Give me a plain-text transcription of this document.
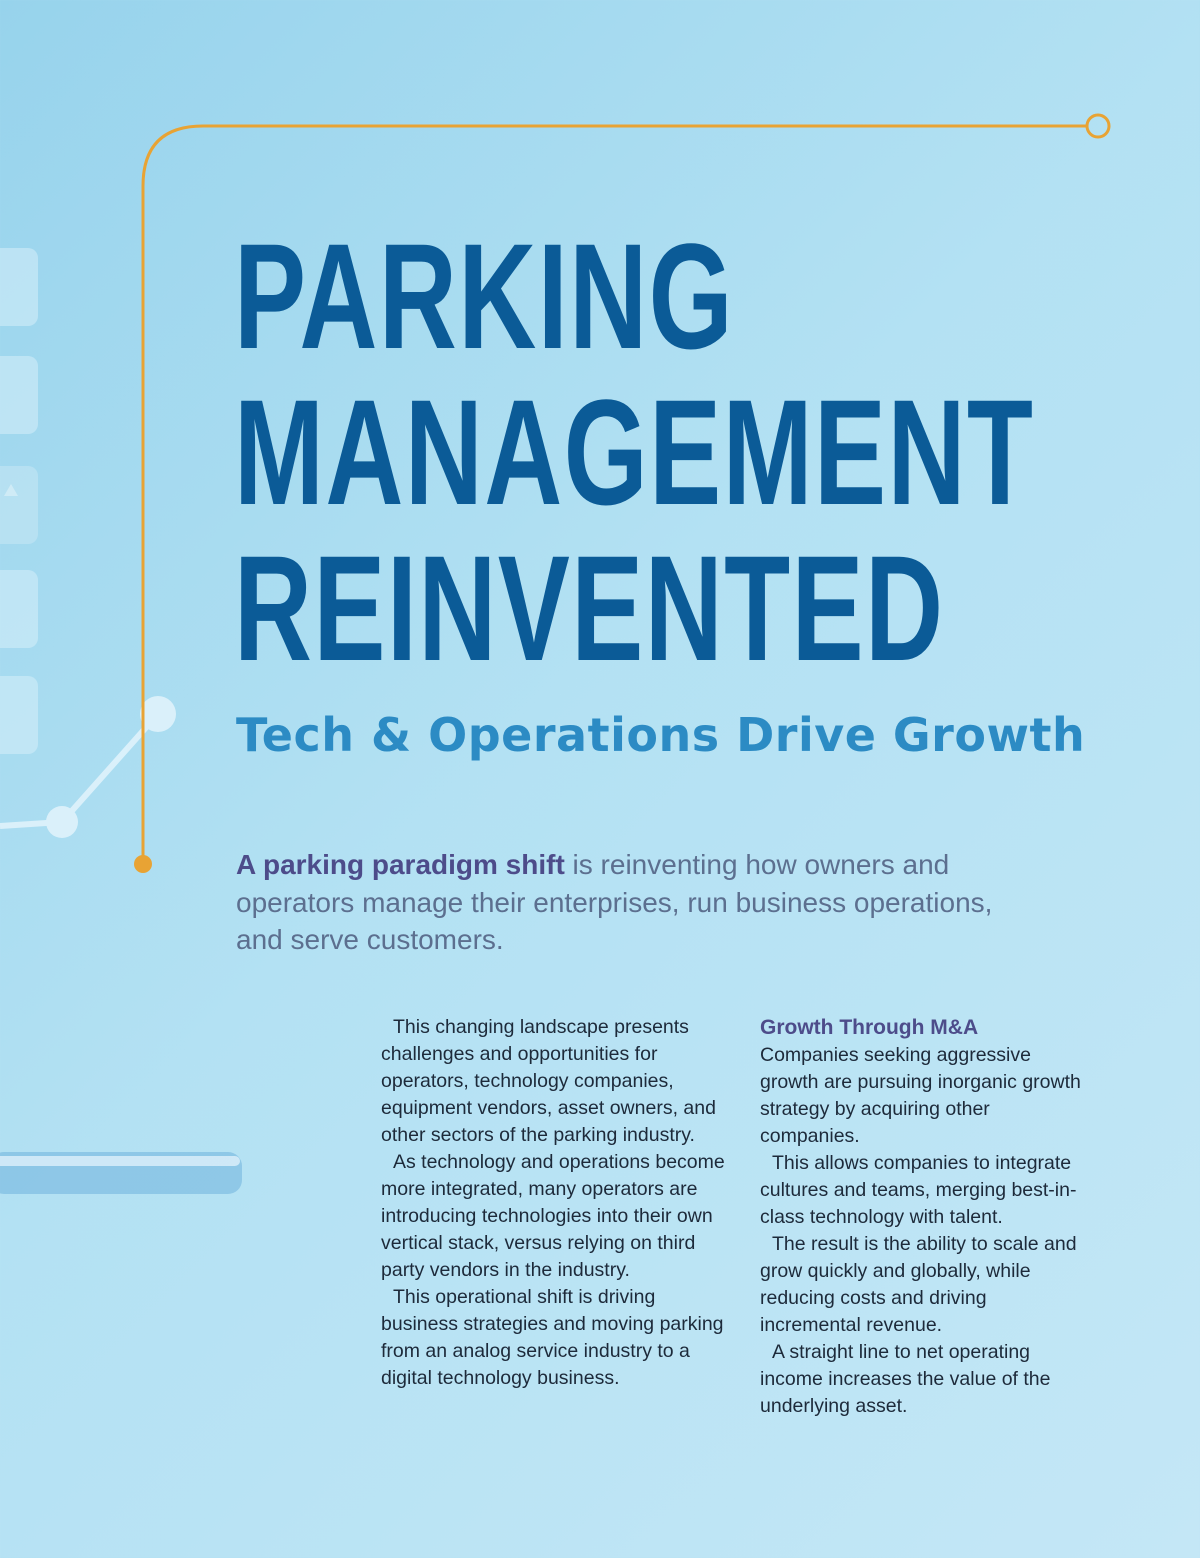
PARKING
MANAGEMENT
REINVENTED
Tech & Operations Drive Growth
A parking paradigm shift is reinventing how owners and operators manage their enterprises, run business operations, and serve customers.

This changing landscape presents challenges and opportunities for operators, technology companies, equipment vendors, asset owners, and other sectors of the parking industry.

As technology and operations become more integrated, many operators are introducing technologies into their own vertical stack, versus relying on third party vendors in the industry.

This operational shift is driving business strategies and moving parking from an analog service industry to a digital technology business.

Growth Through M&A

Companies seeking aggressive growth are pursuing inorganic growth strategy by acquiring other companies.

This allows companies to integrate cultures and teams, merging best-in-class technology with talent.

The result is the ability to scale and grow quickly and globally, while reducing costs and driving incremental revenue.

A straight line to net operating income increases the value of the underlying asset.
